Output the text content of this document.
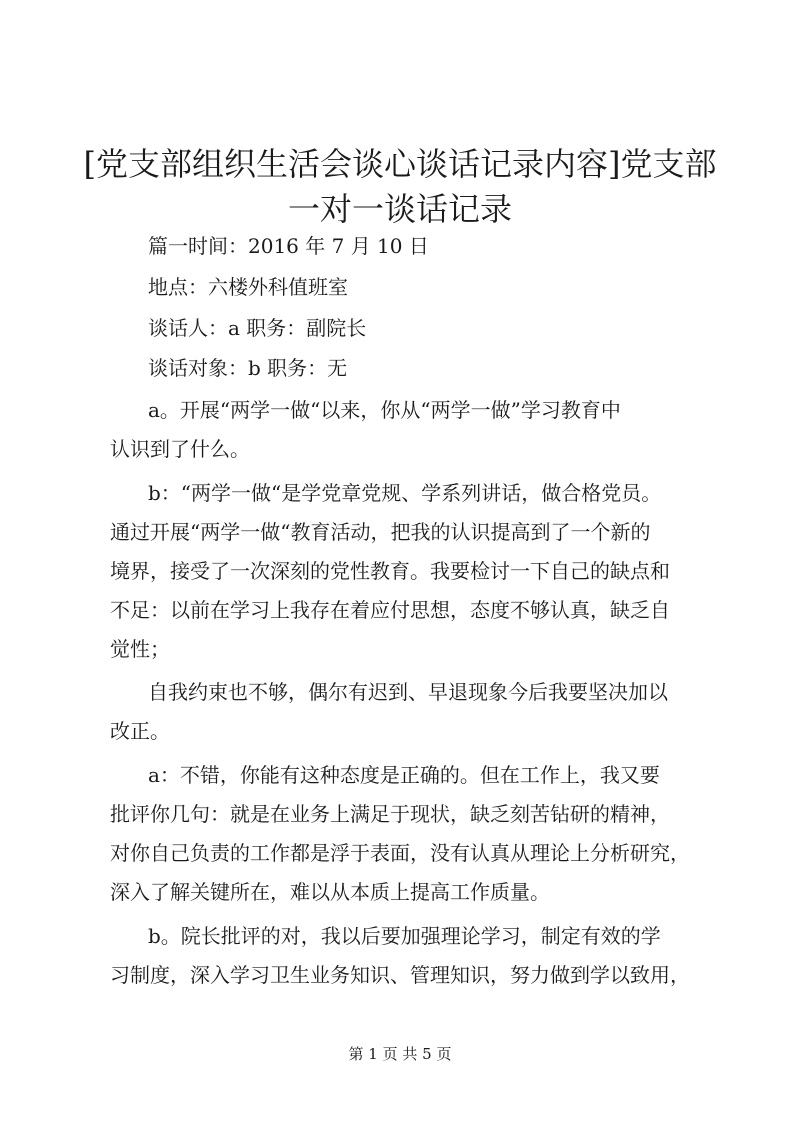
[党支部组织生活会谈心谈话记录内容]党支部
一对一谈话记录
篇一时间：2016 年 7 月 10 日
地点：六楼外科值班室
谈话人：a 职务：副院长
谈话对象：b 职务：无
a。开展“两学一做“以来，你从“两学一做”学习教育中
认识到了什么。
b：“两学一做“是学党章党规、学系列讲话，做合格党员。
通过开展“两学一做“教育活动，把我的认识提高到了一个新的
境界，接受了一次深刻的党性教育。我要检讨一下自己的缺点和
不足：以前在学习上我存在着应付思想，态度不够认真，缺乏自
觉性；
自我约束也不够，偶尔有迟到、早退现象今后我要坚决加以
改正。
a：不错，你能有这种态度是正确的。但在工作上，我又要
批评你几句：就是在业务上满足于现状，缺乏刻苦钻研的精神，
对你自己负责的工作都是浮于表面，没有认真从理论上分析研究，
深入了解关键所在，难以从本质上提高工作质量。
b。院长批评的对，我以后要加强理论学习，制定有效的学
习制度，深入学习卫生业务知识、管理知识，努力做到学以致用，
第 1 页 共 5 页
